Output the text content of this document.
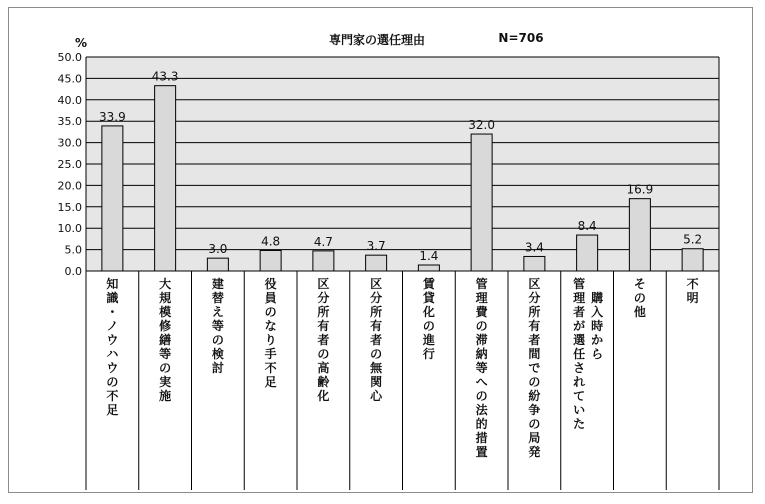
専門家の選任理由	N=706
%
0.0
5.0
10.0
15.0
20.0
25.0
30.0
35.0
40.0
45.0
50.0
33.9
知識･ノウハウの不足
43.3
大規模修繕等の実施
3.0
建替え等の検討
4.8
役員のなり手不足
4.7
区分所有者の高齢化
3.7
区分所有者の無関心
1.4
賃貸化の進行
32.0
管理費の滞納等への法的措置
3.4
区分所有者間での紛争の局発
8.4
管理者が選任されていた
購入時から
16.9
その他
5.2
不明
